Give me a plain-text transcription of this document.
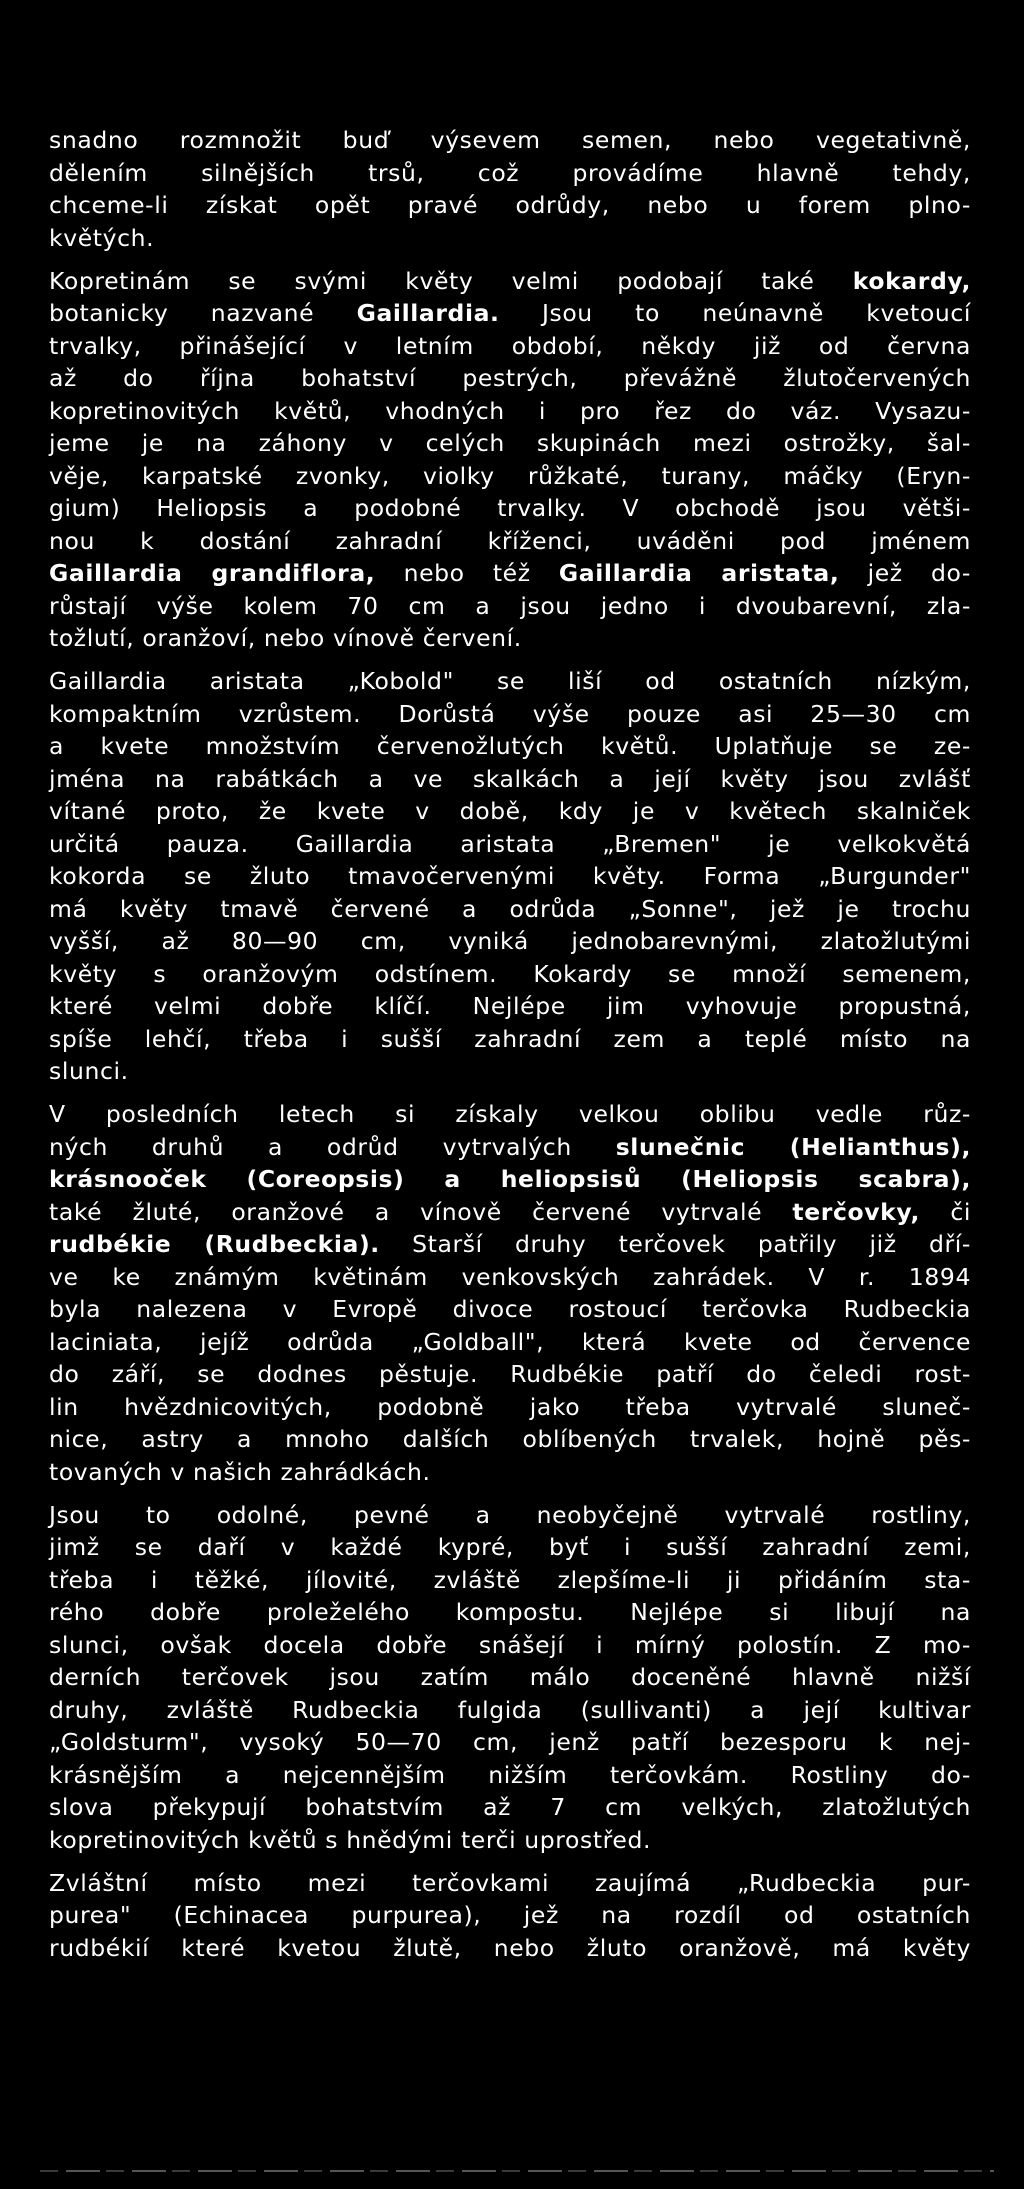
snadno rozmnožit buď výsevem semen, nebo vegetativně,
dělením silnějších trsů, což provádíme hlavně tehdy,
chceme-li získat opět pravé odrůdy, nebo u forem plno-
květých.
Kopretinám se svými květy velmi podobají také kokardy,
botanicky nazvané Gaillardia. Jsou to neúnavně kvetoucí
trvalky, přinášející v letním období, někdy již od června
až do října bohatství pestrých, převážně žlutočervených
kopretinovitých květů, vhodných i pro řez do váz. Vysazu-
jeme je na záhony v celých skupinách mezi ostrožky, šal-
věje, karpatské zvonky, violky růžkaté, turany, máčky (Eryn-
gium) Heliopsis a podobné trvalky. V obchodě jsou větši-
nou k dostání zahradní kříženci, uváděni pod jménem
Gaillardia grandiflora, nebo též Gaillardia aristata, jež do-
růstají výše kolem 70 cm a jsou jedno i dvoubarevní, zla-
tožlutí, oranžoví, nebo vínově červení.
Gaillardia aristata „Kobold" se liší od ostatních nízkým,
kompaktním vzrůstem. Dorůstá výše pouze asi 25—30 cm
a kvete množstvím červenožlutých květů. Uplatňuje se ze-
jména na rabátkách a ve skalkách a její květy jsou zvlášť
vítané proto, že kvete v době, kdy je v květech skalniček
určitá pauza. Gaillardia aristata „Bremen" je velkokvětá
kokorda se žluto tmavočervenými květy. Forma „Burgunder"
má květy tmavě červené a odrůda „Sonne", jež je trochu
vyšší, až 80—90 cm, vyniká jednobarevnými, zlatožlutými
květy s oranžovým odstínem. Kokardy se množí semenem,
které velmi dobře klíčí. Nejlépe jim vyhovuje propustná,
spíše lehčí, třeba i sušší zahradní zem a teplé místo na
slunci.
V posledních letech si získaly velkou oblibu vedle růz-
ných druhů a odrůd vytrvalých slunečnic (Helianthus),
krásnooček (Coreopsis) a heliopsisů (Heliopsis scabra),
také žluté, oranžové a vínově červené vytrvalé terčovky, či
rudbékie (Rudbeckia). Starší druhy terčovek patřily již dří-
ve ke známým květinám venkovských zahrádek. V r. 1894
byla nalezena v Evropě divoce rostoucí terčovka Rudbeckia
laciniata, jejíž odrůda „Goldball", která kvete od července
do září, se dodnes pěstuje. Rudbékie patří do čeledi rost-
lin hvězdnicovitých, podobně jako třeba vytrvalé sluneč-
nice, astry a mnoho dalších oblíbených trvalek, hojně pěs-
tovaných v našich zahrádkách.
Jsou to odolné, pevné a neobyčejně vytrvalé rostliny,
jimž se daří v každé kypré, byť i sušší zahradní zemi,
třeba i těžké, jílovité, zvláště zlepšíme-li ji přidáním sta-
rého dobře proleželého kompostu. Nejlépe si libují na
slunci, ovšak docela dobře snášejí i mírný polostín. Z mo-
derních terčovek jsou zatím málo doceněné hlavně nižší
druhy, zvláště Rudbeckia fulgida (sullivanti) a její kultivar
„Goldsturm", vysoký 50—70 cm, jenž patří bezesporu k nej-
krásnějším a nejcennějším nižším terčovkám. Rostliny do-
slova překypují bohatstvím až 7 cm velkých, zlatožlutých
kopretinovitých květů s hnědými terči uprostřed.
Zvláštní místo mezi terčovkami zaujímá „Rudbeckia pur-
purea" (Echinacea purpurea), jež na rozdíl od ostatních
rudbékií které kvetou žlutě, nebo žluto oranžově, má květy
